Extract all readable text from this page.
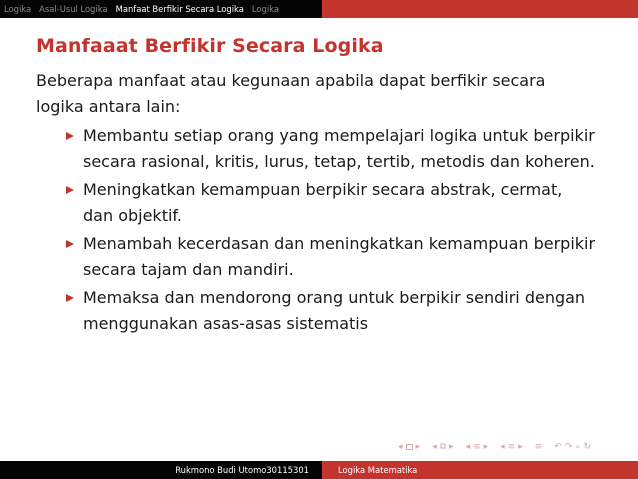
Logika Asal-Usul Logika Manfaat Berfikir Secara Logika Logika
Manfaaat Berfikir Secara Logika

Beberapa manfaat atau kegunaan apabila dapat berfikir secara logika antara lain:

Membantu setiap orang yang mempelajari logika untuk berpikir secara rasional, kritis, lurus, tetap, tertib, metodis dan koheren.
Meningkatkan kemampuan berpikir secara abstrak, cermat, dan objektif.
Menambah kecerdasan dan meningkatkan kemampuan berpikir secara tajam dan mandiri.
Memaksa dan mendorong orang untuk berpikir sendiri dengan menggunakan asas-asas sistematis
◂ ▸ ◂ ⧉ ▸ ◂ ≡ ▸ ◂ ≡ ▸ ≡ ↶ ↷ ⌕ ↻
Rukmono Budi Utomo30115301	Logika Matematika
